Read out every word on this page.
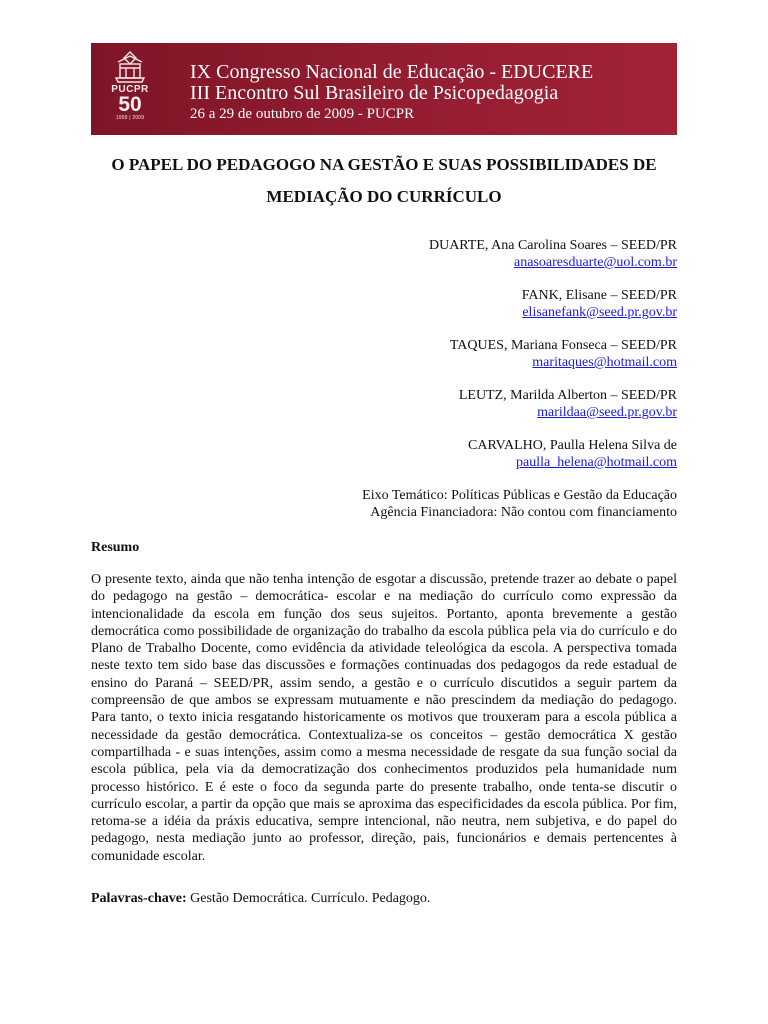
PUCPR
50
1959 | 2009
IX Congresso Nacional de Educação - EDUCERE
III Encontro Sul Brasileiro de Psicopedagogia
26 a 29 de outubro de 2009 - PUCPR
O PAPEL DO PEDAGOGO NA GESTÃO E SUAS POSSIBILIDADES DE
MEDIAÇÃO DO CURRÍCULO
DUARTE, Ana Carolina Soares – SEED/PR
anasoaresduarte@uol.com.br
FANK, Elisane – SEED/PR
elisanefank@seed.pr.gov.br
TAQUES, Mariana Fonseca – SEED/PR
maritaques@hotmail.com
LEUTZ, Marilda Alberton – SEED/PR
marildaa@seed.pr.gov.br
CARVALHO, Paulla Helena Silva de
paulla_helena@hotmail.com
Eixo Temático: Políticas Públicas e Gestão da Educação
Agência Financiadora: Não contou com financiamento
Resumo
O presente texto, ainda que não tenha intenção de esgotar a discussão, pretende trazer ao debate o papel do pedagogo na gestão – democrática- escolar e na mediação do currículo como expressão da intencionalidade da escola em função dos seus sujeitos. Portanto, aponta brevemente a gestão democrática como possibilidade de organização do trabalho da escola pública pela via do currículo e do Plano de Trabalho Docente, como evidência da atividade teleológica da escola. A perspectiva tomada neste texto tem sido base das discussões e formações continuadas dos pedagogos da rede estadual de ensino do Paraná – SEED/PR, assim sendo, a gestão e o currículo discutidos a seguir partem da compreensão de que ambos se expressam mutuamente e não prescindem da mediação do pedagogo. Para tanto, o texto inicia resgatando historicamente os motivos que trouxeram para a escola pública a necessidade da gestão democrática. Contextualiza-se os conceitos – gestão democrática X gestão compartilhada - e suas intenções, assim como a mesma necessidade de resgate da sua função social da escola pública, pela via da democratização dos conhecimentos produzidos pela humanidade num processo histórico. E é este o foco da segunda parte do presente trabalho, onde tenta-se discutir o currículo escolar, a partir da opção que mais se aproxima das especificidades da escola pública. Por fim, retoma-se a idéia da práxis educativa, sempre intencional, não neutra, nem subjetiva, e do papel do pedagogo, nesta mediação junto ao professor, direção, pais, funcionários e demais pertencentes à comunidade escolar.
Palavras-chave: Gestão Democrática. Currículo. Pedagogo.
